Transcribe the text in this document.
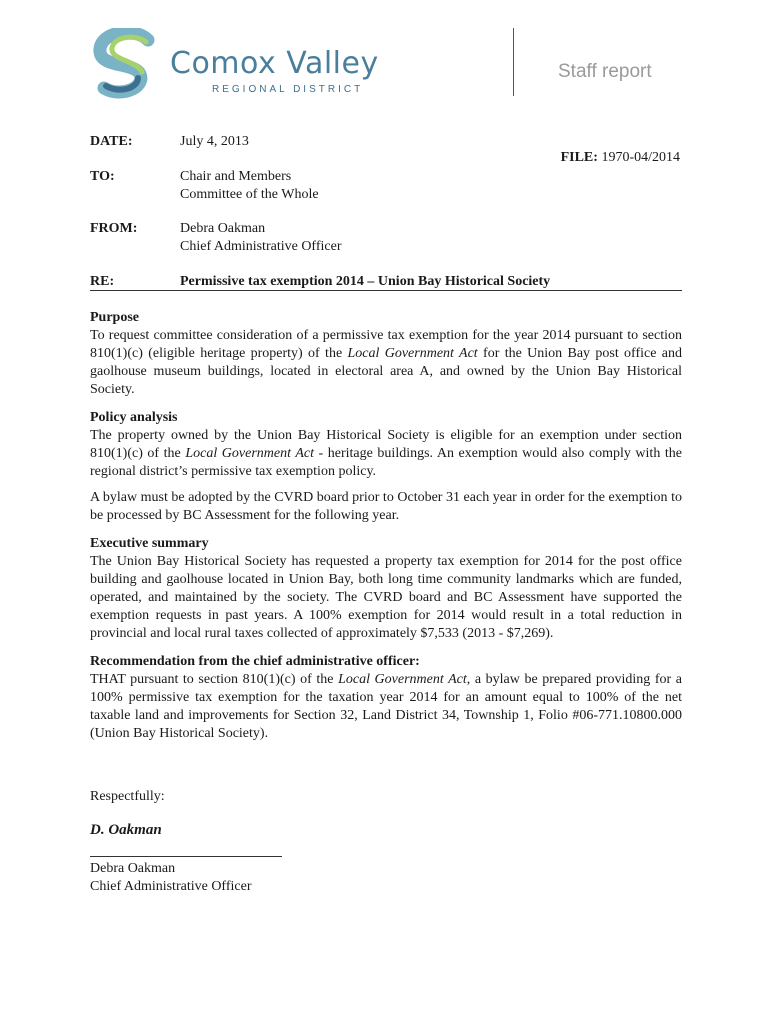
Comox Valley
REGIONAL DISTRICT
Staff report
DATE:	July 4, 2013
FILE: 1970-04/2014
TO:	Chair and Members
Committee of the Whole
FROM:	Debra Oakman
Chief Administrative Officer
RE:	Permissive tax exemption 2014 – Union Bay Historical Society
Purpose

To request committee consideration of a permissive tax exemption for the year 2014 pursuant to section 810(1)(c) (eligible heritage property) of the Local Government Act for the Union Bay post office and gaolhouse museum buildings, located in electoral area A, and owned by the Union Bay Historical Society.

Policy analysis

The property owned by the Union Bay Historical Society is eligible for an exemption under section 810(1)(c) of the Local Government Act - heritage buildings. An exemption would also comply with the regional district’s permissive tax exemption policy.

A bylaw must be adopted by the CVRD board prior to October 31 each year in order for the exemption to be processed by BC Assessment for the following year.

Executive summary

The Union Bay Historical Society has requested a property tax exemption for 2014 for the post office building and gaolhouse located in Union Bay, both long time community landmarks which are funded, operated, and maintained by the society. The CVRD board and BC Assessment have supported the exemption requests in past years. A 100% exemption for 2014 would result in a total reduction in provincial and local rural taxes collected of approximately $7,533 (2013 - $7,269).

Recommendation from the chief administrative officer:

THAT pursuant to section 810(1)(c) of the Local Government Act, a bylaw be prepared providing for a 100% permissive tax exemption for the taxation year 2014 for an amount equal to 100% of the net taxable land and improvements for Section 32, Land District 34, Township 1, Folio #06-771.10800.000 (Union Bay Historical Society).

Respectfully:
D. Oakman
Debra Oakman
Chief Administrative Officer
